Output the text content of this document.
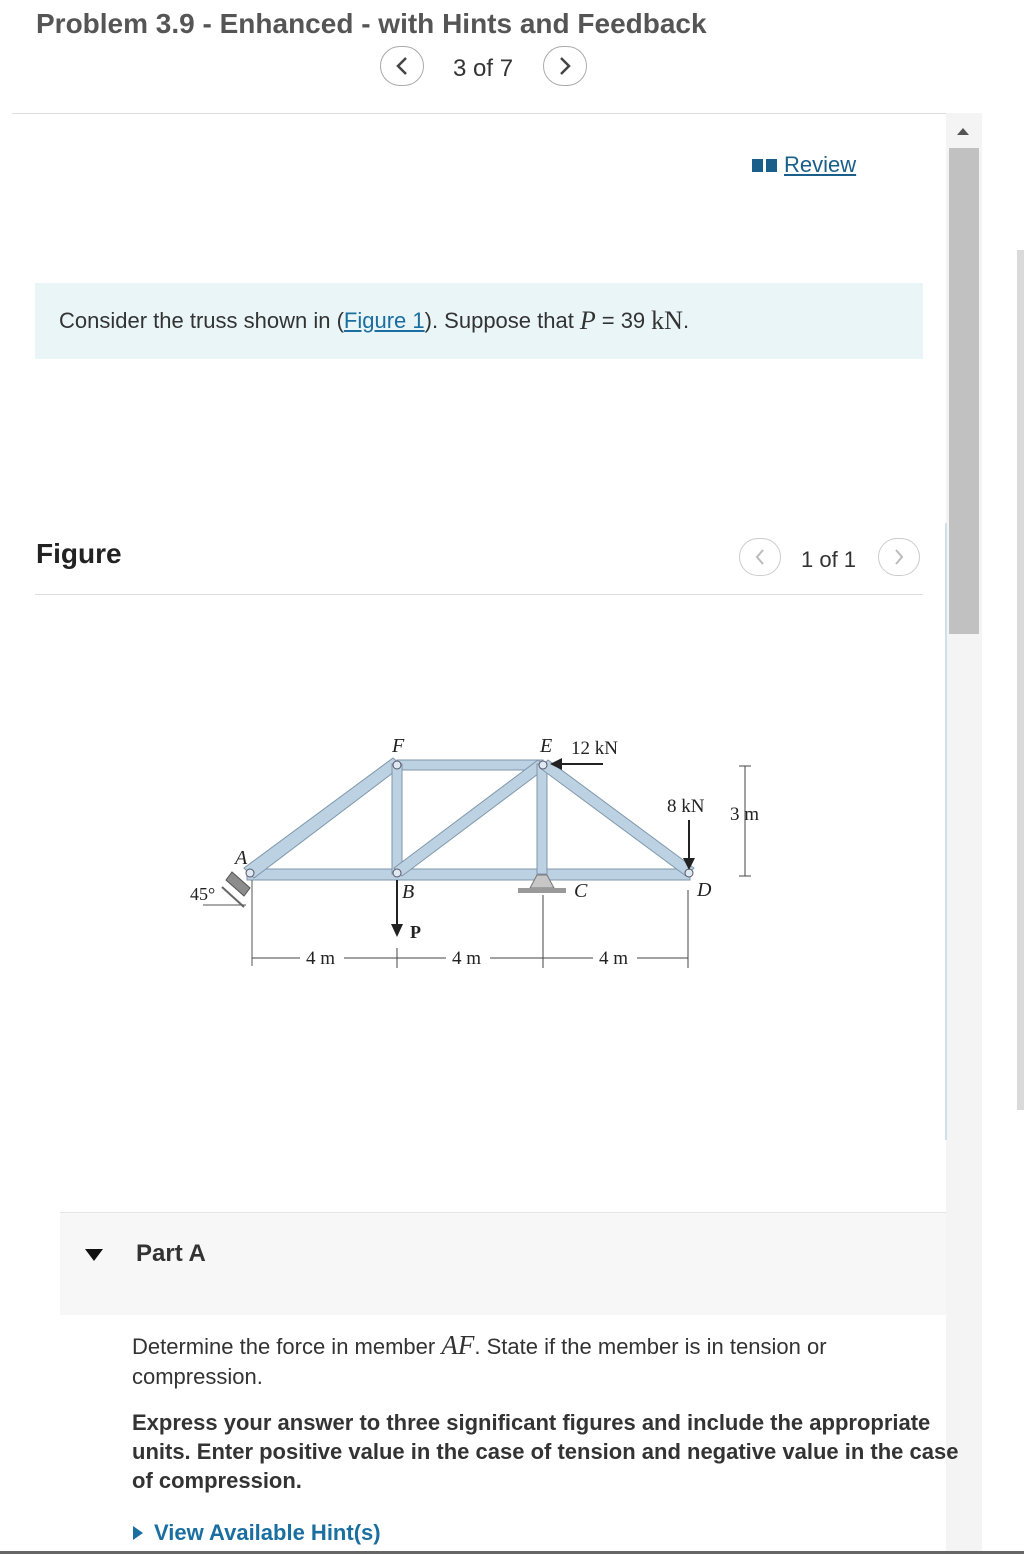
Problem 3.9 - Enhanced - with Hints and Feedback
3 of 7
Review
Consider the truss shown in ( Figure 1 ). Suppose that P = 39 kN .
Figure	1 of 1
F	E 12 kN
8 kN 3 m
A
B	C	D
45°
P
4 m	4 m	4 m
Part A
Determine the force in member AF. State if the member is in tension or compression.
Express your answer to three significant figures and include the appropriate units. Enter positive value in the case of tension and negative value in the case of compression.
View Available Hint(s)
